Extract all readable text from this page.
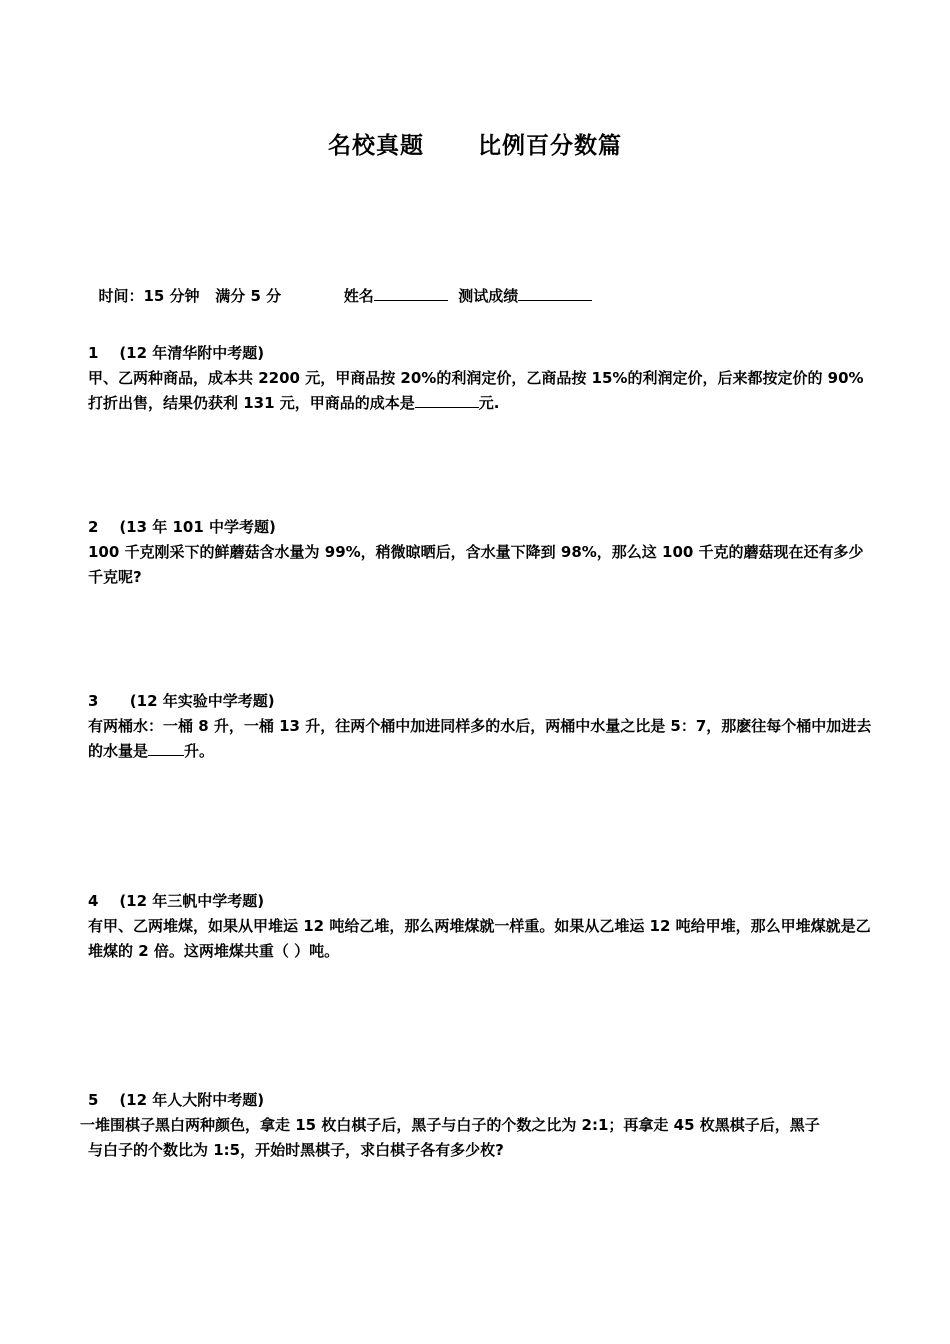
名校真题      比例百分数篇

时间：15 分钟   满分 5 分	姓名	测试成绩

1    (12 年清华附中考题)
甲、乙两种商品，成本共 2200 元，甲商品按 20%的利润定价，乙商品按 15%的利润定价，后来都按定价的 90%打折出售，结果仍获利 131 元，甲商品的成本是	元.
2    (13 年 101 中学考题)
100 千克刚采下的鲜蘑菇含水量为 99%，稍微晾晒后，含水量下降到 98%，那么这 100 千克的蘑菇现在还有多少千克呢?
3      (12 年实验中学考题)
有两桶水：一桶 8 升，一桶 13 升，往两个桶中加进同样多的水后，两桶中水量之比是 5：7，那麽往每个桶中加进去的水量是 升。
4    (12 年三帆中学考题)
有甲、乙两堆煤，如果从甲堆运 12 吨给乙堆，那么两堆煤就一样重。如果从乙堆运 12 吨给甲堆，那么甲堆煤就是乙堆煤的 2 倍。这两堆煤共重（ ）吨。
5    (12 年人大附中考题)
一堆围棋子黑白两种颜色，拿走 15 枚白棋子后，黑子与白子的个数之比为 2:1；再拿走 45 枚黑棋子后，黑子
与白子的个数比为 1:5，开始时黑棋子，求白棋子各有多少枚?
